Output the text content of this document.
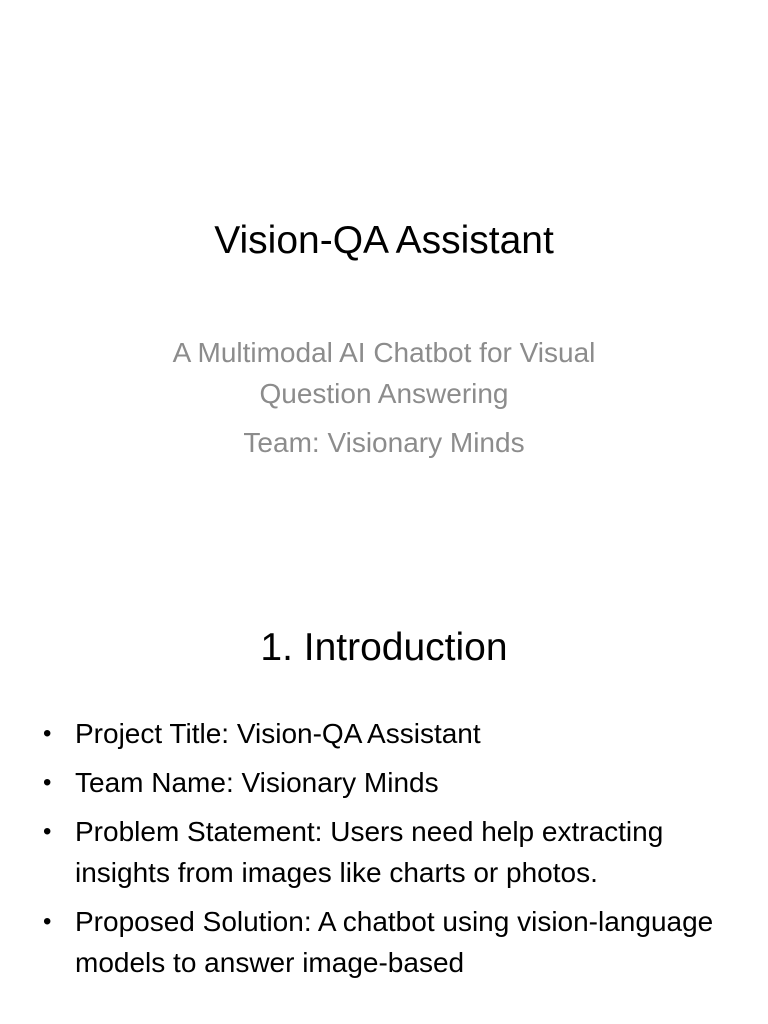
Vision-QA Assistant

A Multimodal AI Chatbot for Visual Question Answering

Team: Visionary Minds

1. Introduction
• Project Title: Vision-QA Assistant
• Team Name: Visionary Minds
• Problem Statement: Users need help extracting insights from images like charts or photos.
• Proposed Solution: A chatbot using vision-language models to answer image-based
